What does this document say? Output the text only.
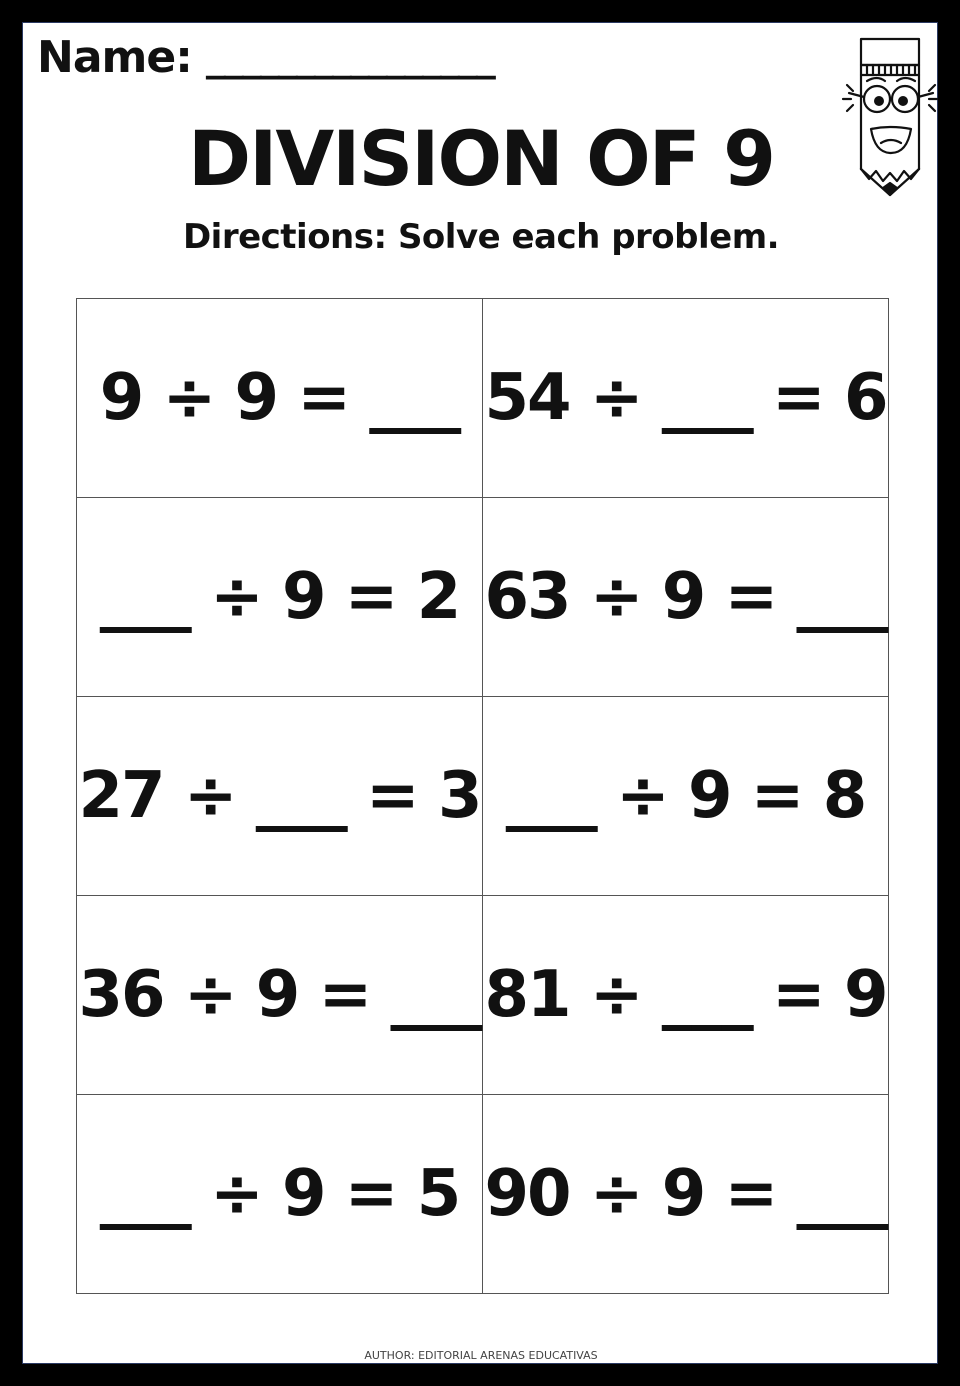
Name: ________________
DIVISION OF 9
Directions: Solve each problem.
9 ÷ 9 = ___	54 ÷ ___ = 6
___ ÷ 9 = 2	63 ÷ 9 = ___
27 ÷ ___ = 3	___ ÷ 9 = 8
36 ÷ 9 = ___	81 ÷ ___ = 9
___ ÷ 9 = 5	90 ÷ 9 = ___
AUTHOR: EDITORIAL ARENAS EDUCATIVAS
